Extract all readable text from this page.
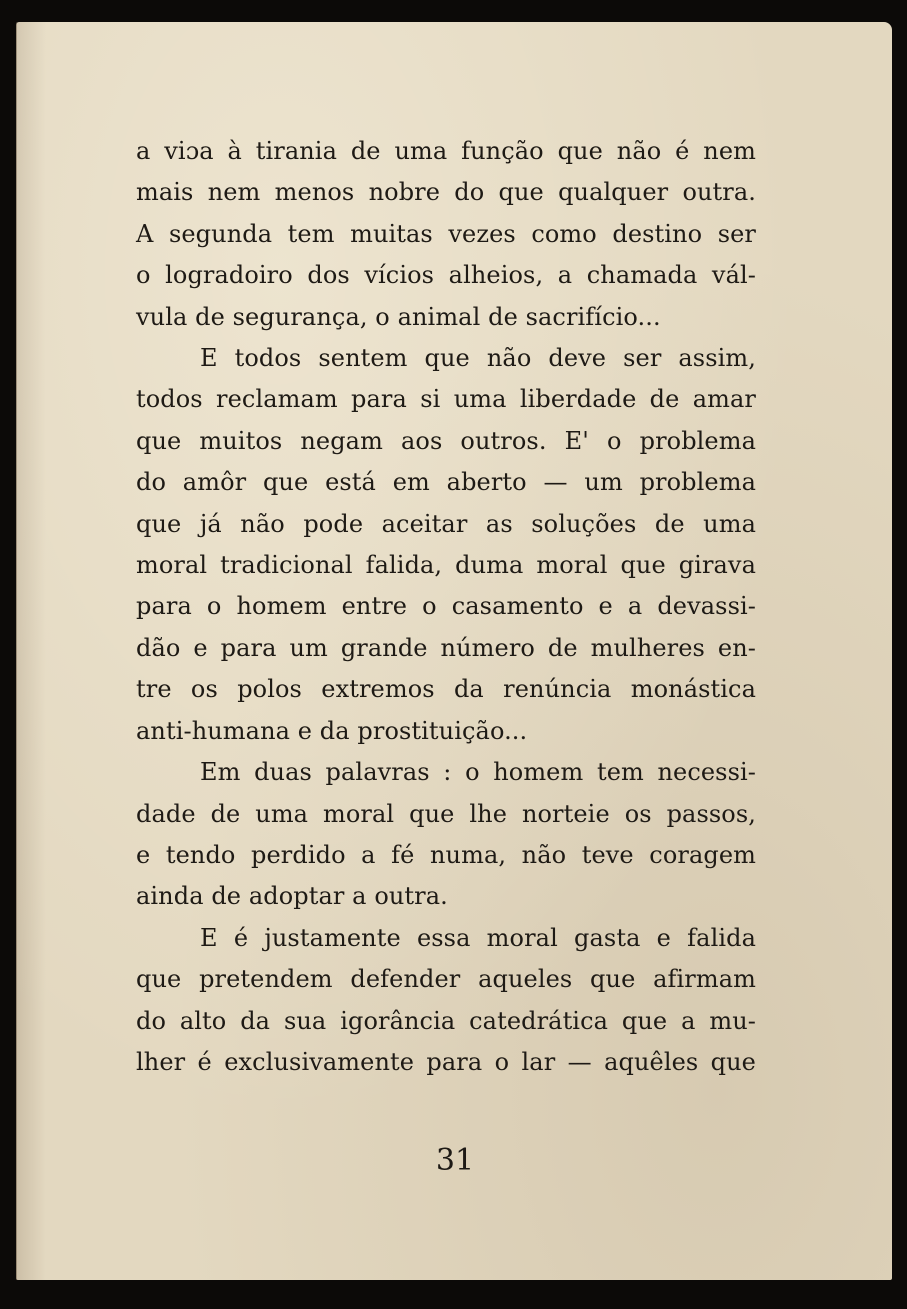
a viɔa à tirania de uma função que não é nem
mais nem menos nobre do que qualquer outra.
A segunda tem muitas vezes como destino ser
o logradoiro dos vícios alheios, a chamada vál-
vula de segurança, o animal de sacrifício...
E todos sentem que não deve ser assim,
todos reclamam para si uma liberdade de amar
que muitos negam aos outros. E' o problema
do amôr que está em aberto — um problema
que já não pode aceitar as soluções de uma
moral tradicional falida, duma moral que girava
para o homem entre o casamento e a devassi-
dão e para um grande número de mulheres en-
tre os polos extremos da renúncia monástica
anti-humana e da prostituição...
Em duas palavras : o homem tem necessi-
dade de uma moral que lhe norteie os passos,
e tendo perdido a fé numa, não teve coragem
ainda de adoptar a outra.
E é justamente essa moral gasta e falida
que pretendem defender aqueles que afirmam
do alto da sua igorância catedrática que a mu-
lher é exclusivamente para o lar — aquêles que

31
